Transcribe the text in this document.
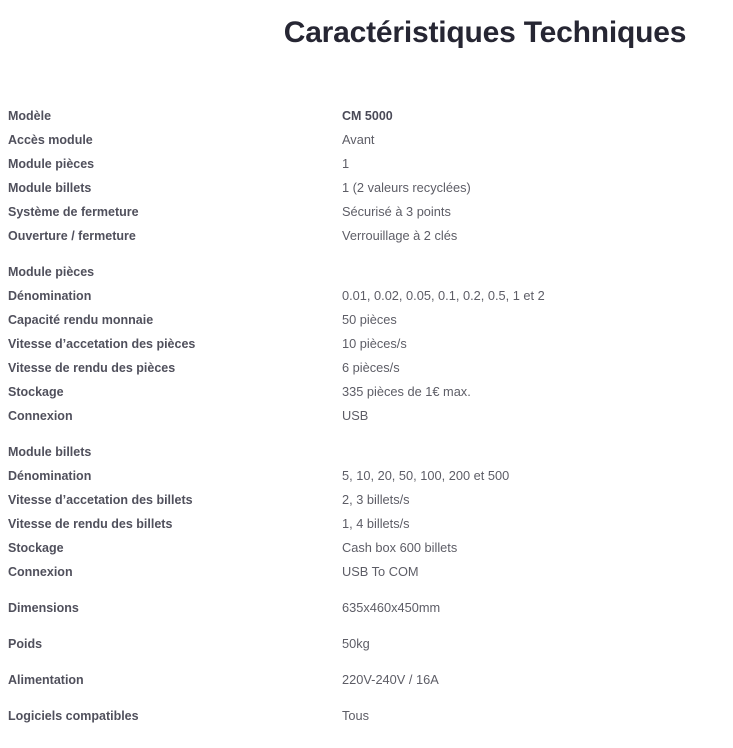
Caractéristiques Techniques
Modèle	CM 5000
Accès module	Avant
Module pièces	1
Module billets	1 (2 valeurs recyclées)
Système de fermeture	Sécurisé à 3 points
Ouverture / fermeture	Verrouillage à 2 clés
Module pièces
Dénomination	0.01, 0.02, 0.05, 0.1, 0.2, 0.5, 1 et 2
Capacité rendu monnaie	50 pièces
Vitesse d’accetation des pièces	10 pièces/s
Vitesse de rendu des pièces	6 pièces/s
Stockage	335 pièces de 1€ max.
Connexion	USB
Module billets
Dénomination	5, 10, 20, 50, 100, 200 et 500
Vitesse d’accetation des billets	2, 3 billets/s
Vitesse de rendu des billets	1, 4 billets/s
Stockage	Cash box 600 billets
Connexion	USB To COM
Dimensions	635x460x450mm
Poids	50kg
Alimentation	220V-240V / 16A
Logiciels compatibles	Tous
